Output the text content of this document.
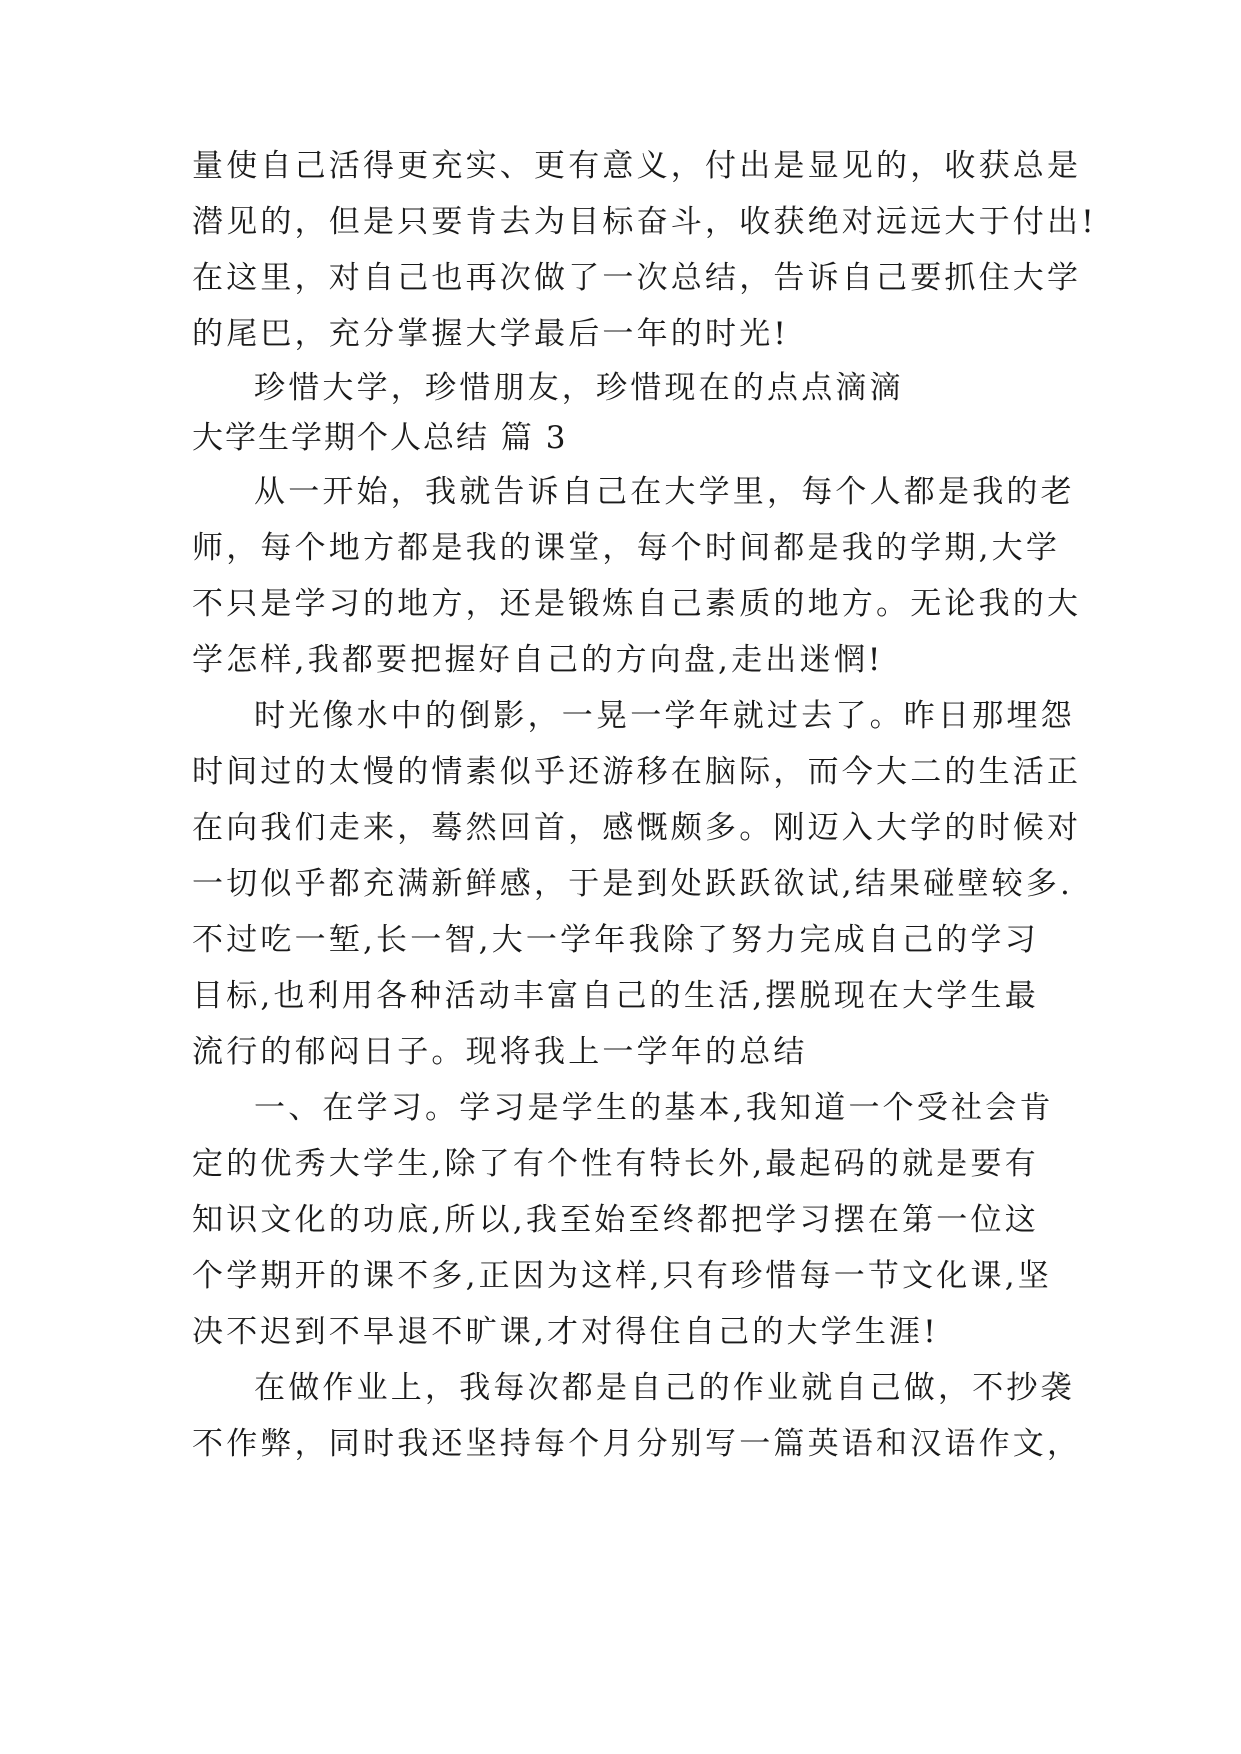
量使自己活得更充实、更有意义，付出是显见的，收获总是
潜见的，但是只要肯去为目标奋斗，收获绝对远远大于付出!
在这里，对自己也再次做了一次总结，告诉自己要抓住大学
的尾巴，充分掌握大学最后一年的时光!
珍惜大学，珍惜朋友，珍惜现在的点点滴滴
大学生学期个人总结 篇 3
从一开始，我就告诉自己在大学里，每个人都是我的老
师，每个地方都是我的课堂，每个时间都是我的学期,大学
不只是学习的地方，还是锻炼自己素质的地方。无论我的大
学怎样,我都要把握好自己的方向盘,走出迷惘!
时光像水中的倒影，一晃一学年就过去了。昨日那埋怨
时间过的太慢的情素似乎还游移在脑际，而今大二的生活正
在向我们走来，蓦然回首，感慨颇多。刚迈入大学的时候对
一切似乎都充满新鲜感，于是到处跃跃欲试,结果碰壁较多.
不过吃一堑,长一智,大一学年我除了努力完成自己的学习
目标,也利用各种活动丰富自己的生活,摆脱现在大学生最
流行的郁闷日子。现将我上一学年的总结
一、在学习。学习是学生的基本,我知道一个受社会肯
定的优秀大学生,除了有个性有特长外,最起码的就是要有
知识文化的功底,所以,我至始至终都把学习摆在第一位这
个学期开的课不多,正因为这样,只有珍惜每一节文化课,坚
决不迟到不早退不旷课,才对得住自己的大学生涯!
在做作业上，我每次都是自己的作业就自己做，不抄袭
不作弊，同时我还坚持每个月分别写一篇英语和汉语作文，
